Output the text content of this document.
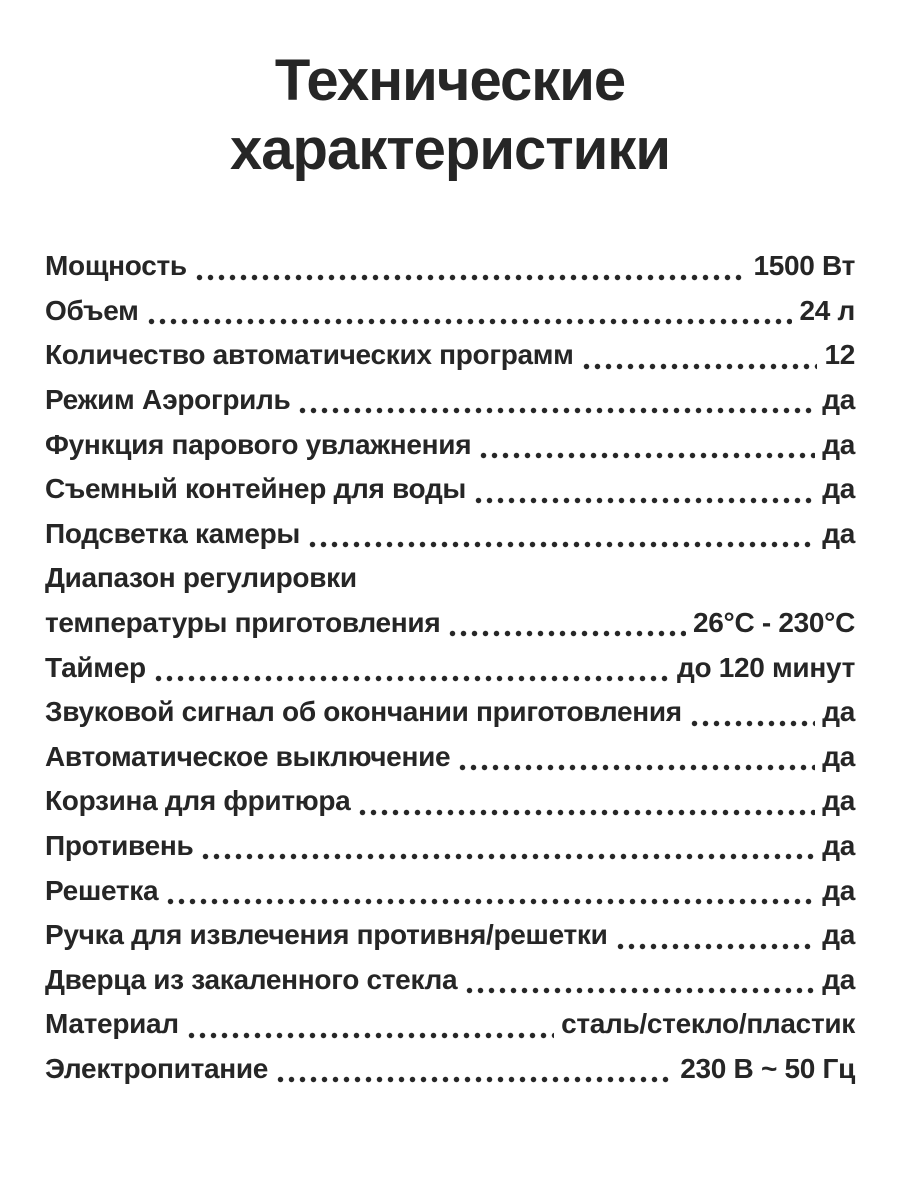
Технические
характеристики
Мощность	1500 Вт
Объем	24 л
Количество автоматических программ	12
Режим Аэрогриль	да
Функция парового увлажнения	да
Съемный контейнер для воды	да
Подсветка камеры	да
Диапазон регулировки
температуры приготовления	26°C - 230°C
Таймер	до 120 минут
Звуковой сигнал об окончании приготовления	да
Автоматическое выключение	да
Корзина для фритюра	да
Противень	да
Решетка	да
Ручка для извлечения противня/решетки	да
Дверца из закаленного стекла	да
Материал	сталь/стекло/пластик
Электропитание	230 В ~ 50 Гц
